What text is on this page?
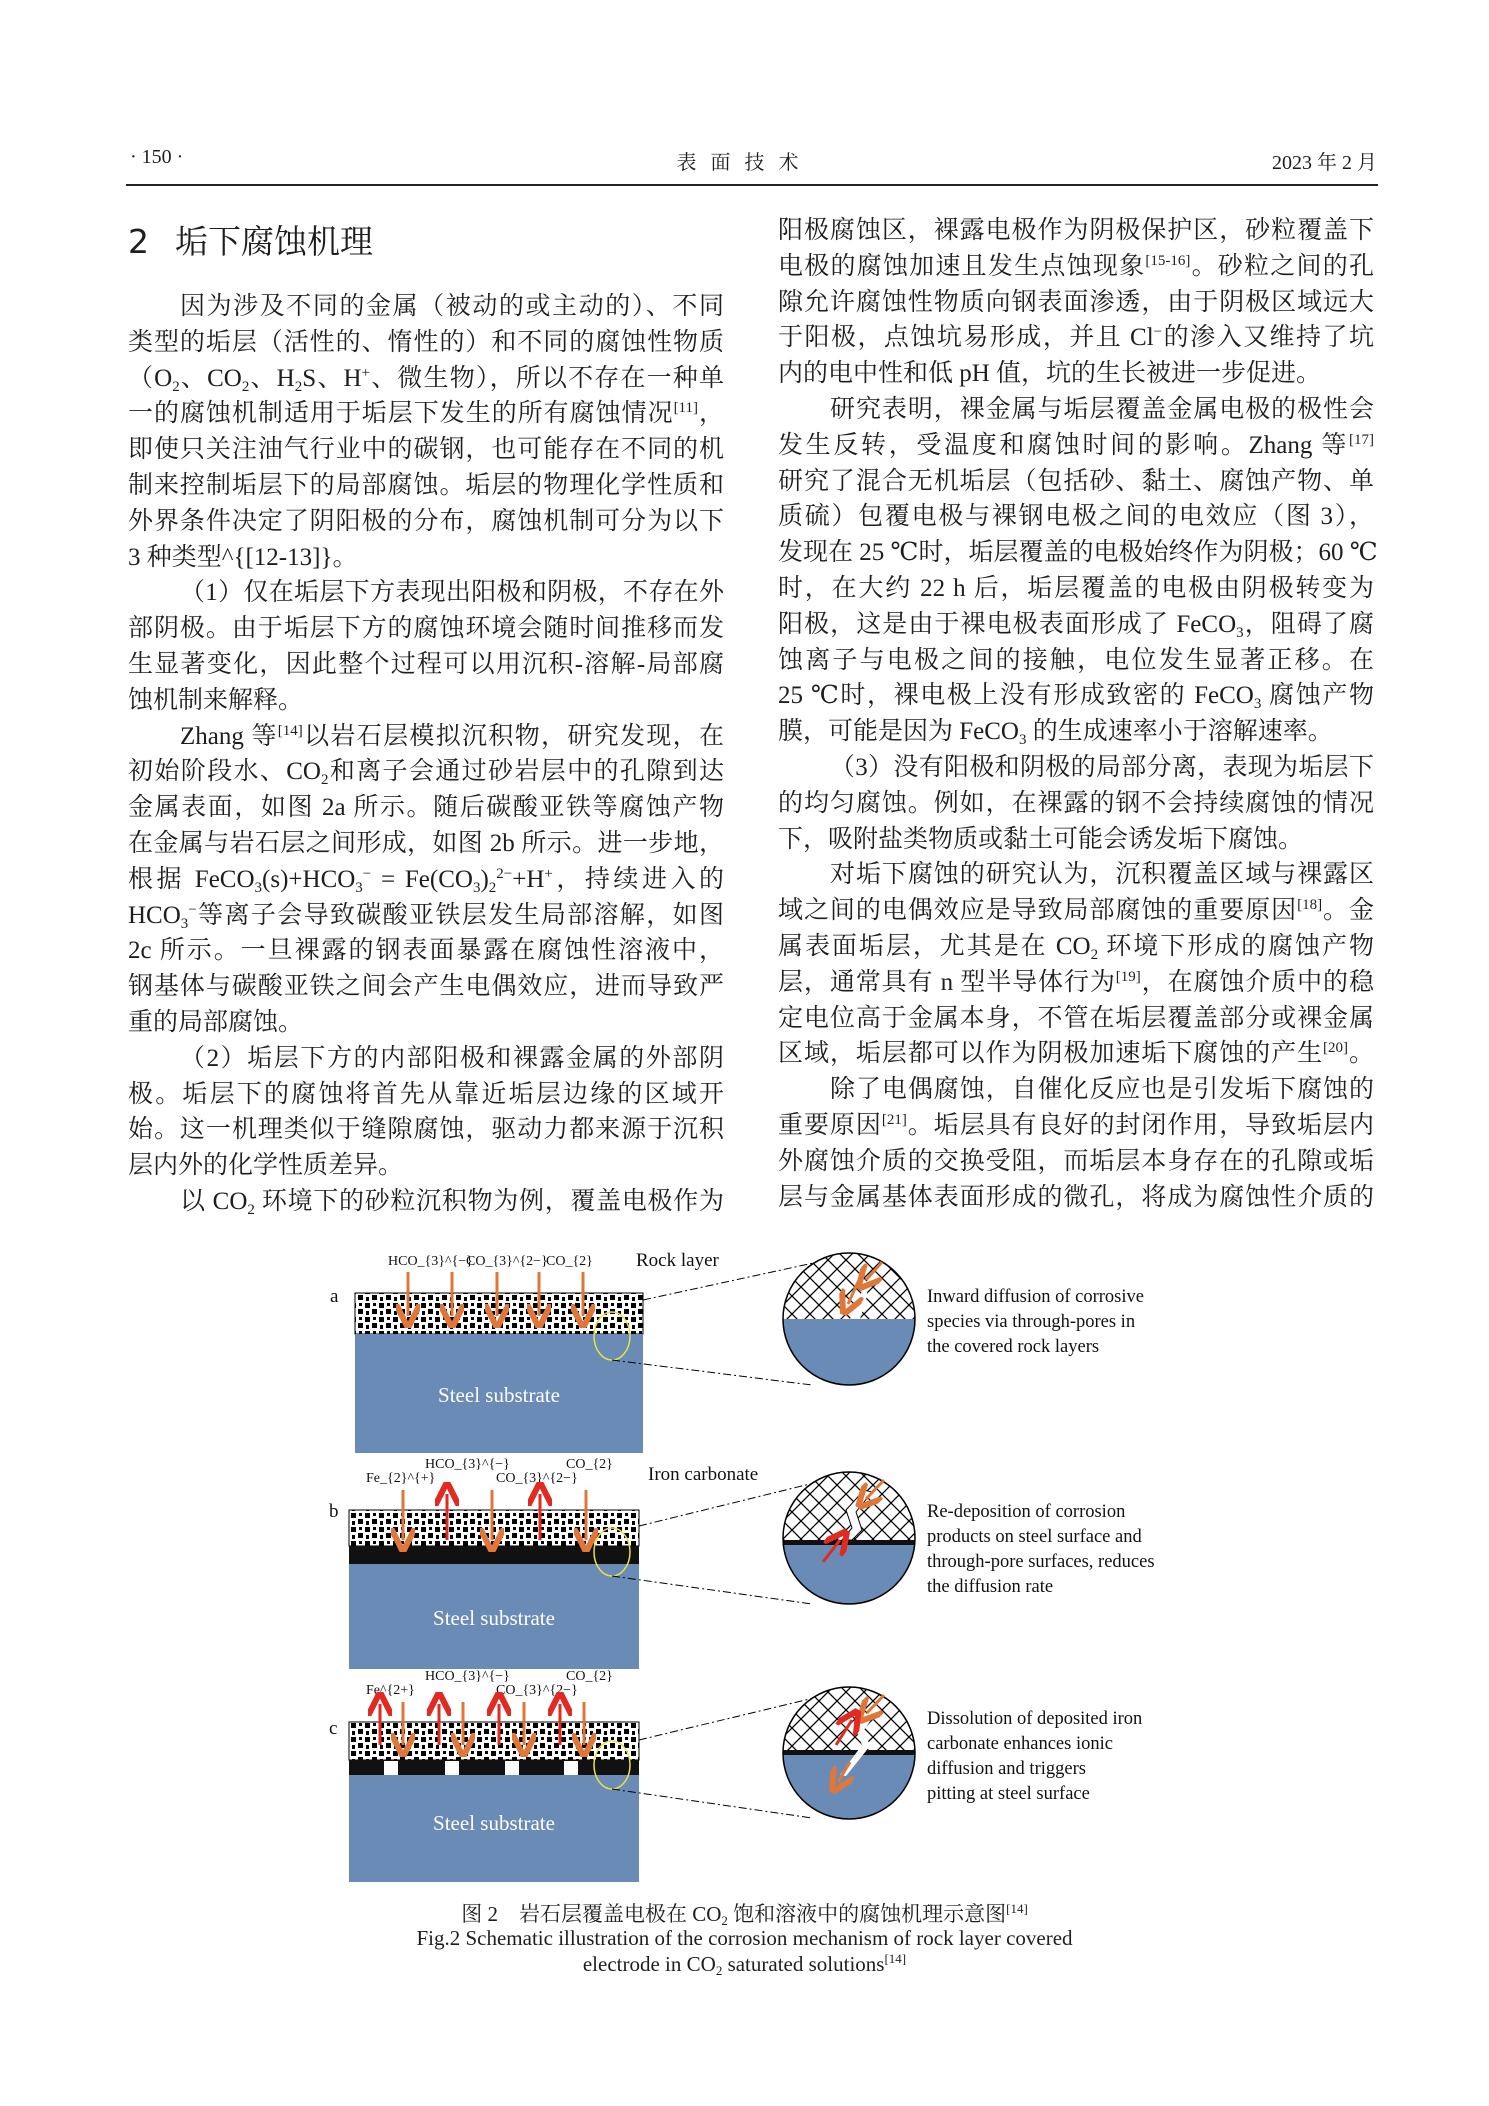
· 150 ·	表面技术	2023 年 2 月
2 垢下腐蚀机理
因为涉及不同的金属（被动的或主动的）、不同
类型的垢层（活性的、惰性的）和不同的腐蚀性物质
（$O_2$、$CO_2$、$H_2S$、H+、微生物），所以不存在一种单
一的腐蚀机制适用于垢层下发生的所有腐蚀情况[11]，
即使只关注油气行业中的碳钢，也可能存在不同的机
制来控制垢层下的局部腐蚀。垢层的物理化学性质和
外界条件决定了阴阳极的分布，腐蚀机制可分为以下
3 种类型^{[12-13]}。
（1）仅在垢层下方表现出阳极和阴极，不存在外
部阴极。由于垢层下方的腐蚀环境会随时间推移而发
生显著变化，因此整个过程可以用沉积-溶解-局部腐
蚀机制来解释。
Zhang 等[14]以岩石层模拟沉积物，研究发现，在
初始阶段水、$CO_2$和离子会通过砂岩层中的孔隙到达
金属表面，如图 2a 所示。随后碳酸亚铁等腐蚀产物
在金属与岩石层之间形成，如图 2b 所示。进一步地，
根据 $FeCO_3(s)+HCO_3^- = Fe(CO_3)_2^{2-}+H^+$，持续进入的
$HCO_3^-$等离子会导致碳酸亚铁层发生局部溶解，如图
2c 所示。一旦裸露的钢表面暴露在腐蚀性溶液中，
钢基体与碳酸亚铁之间会产生电偶效应，进而导致严
重的局部腐蚀。
（2）垢层下方的内部阳极和裸露金属的外部阴
极。垢层下的腐蚀将首先从靠近垢层边缘的区域开
始。这一机理类似于缝隙腐蚀，驱动力都来源于沉积
层内外的化学性质差异。
以 $CO_2$ 环境下的砂粒沉积物为例，覆盖电极作为
阳极腐蚀区，裸露电极作为阴极保护区，砂粒覆盖下
电极的腐蚀加速且发生点蚀现象[15-16]。砂粒之间的孔
隙允许腐蚀性物质向钢表面渗透，由于阴极区域远大
于阳极，点蚀坑易形成，并且 Cl−的渗入又维持了坑
内的电中性和低 pH 值，坑的生长被进一步促进。
研究表明，裸金属与垢层覆盖金属电极的极性会
发生反转，受温度和腐蚀时间的影响。Zhang 等[17]
研究了混合无机垢层（包括砂、黏土、腐蚀产物、单
质硫）包覆电极与裸钢电极之间的电效应（图 3），
发现在 25 ℃时，垢层覆盖的电极始终作为阴极；60 ℃
时，在大约 22 h 后，垢层覆盖的电极由阴极转变为
阳极，这是由于裸电极表面形成了 FeCO$_3$，阻碍了腐
蚀离子与电极之间的接触，电位发生显著正移。在
25 ℃时，裸电极上没有形成致密的 FeCO$_3$ 腐蚀产物
膜，可能是因为 FeCO$_3$ 的生成速率小于溶解速率。
（3）没有阳极和阴极的局部分离，表现为垢层下
的均匀腐蚀。例如，在裸露的钢不会持续腐蚀的情况
下，吸附盐类物质或黏土可能会诱发垢下腐蚀。
对垢下腐蚀的研究认为，沉积覆盖区域与裸露区
域之间的电偶效应是导致局部腐蚀的重要原因[18]。金
属表面垢层，尤其是在 $CO_2$ 环境下形成的腐蚀产物
层，通常具有 n 型半导体行为[19]，在腐蚀介质中的稳
定电位高于金属本身，不管在垢层覆盖部分或裸金属
区域，垢层都可以作为阴极加速垢下腐蚀的产生[20]。
除了电偶腐蚀，自催化反应也是引发垢下腐蚀的
重要原因[21]。垢层具有良好的封闭作用，导致垢层内
外腐蚀介质的交换受阻，而垢层本身存在的孔隙或垢
层与金属基体表面形成的微孔，将成为腐蚀性介质的
a
HCO_{3}^{−}
CO_{3}^{2−}
CO_{2} Rock layer
Steel substrate
Inward diffusion of corrosive
species via through-pores in
the covered rock layers
b
Fe_{2}^{+}
HCO_{3}^{−}
CO_{3}^{2−}
CO_{2} Iron carbonate
Steel substrate
Re-deposition of corrosion
products on steel surface and
through-pore surfaces, reduces
the diffusion rate
c
Fe^{2+}
HCO_{3}^{−}
CO_{3}^{2−}
CO_{2}
Steel substrate
Dissolution of deposited iron
carbonate enhances ionic
diffusion and triggers
pitting at steel surface
图 2　岩石层覆盖电极在 $CO_2$ 饱和溶液中的腐蚀机理示意图[14]
Fig.2 Schematic illustration of the corrosion mechanism of rock layer covered
electrode in $CO_2$ saturated solutions[14]
